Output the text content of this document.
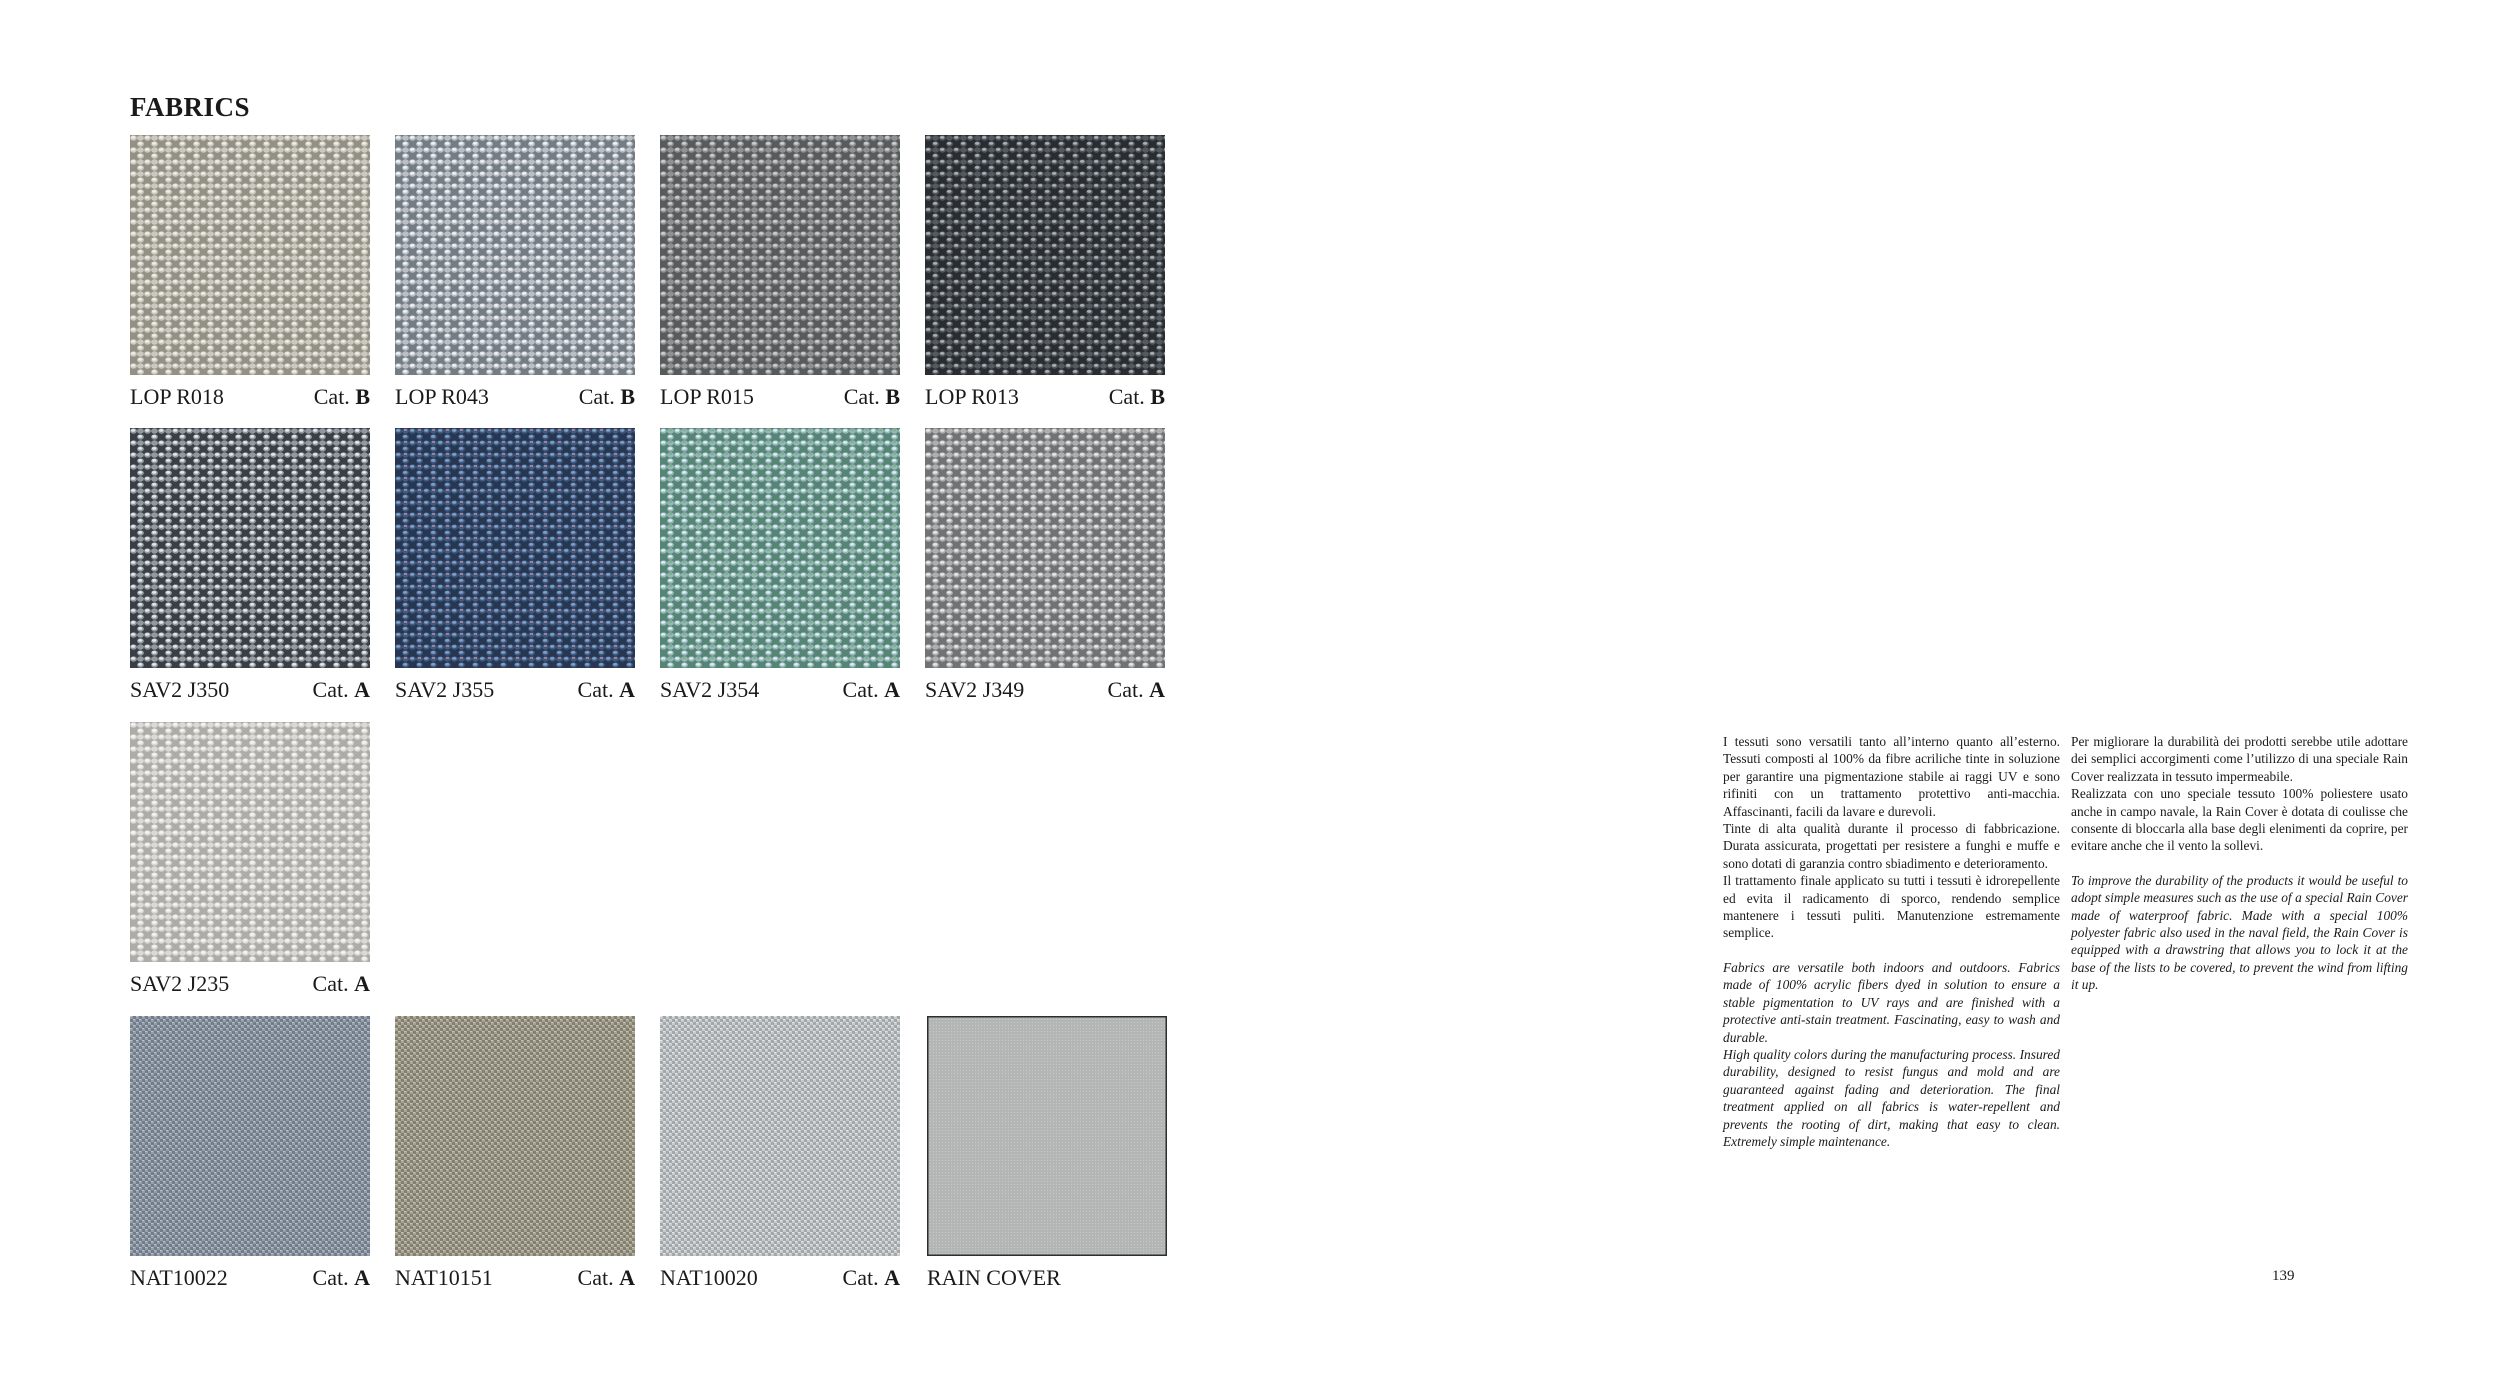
FABRICS
LOP R018	Cat. B LOP R043	Cat. B LOP R015	Cat. B LOP R013	Cat. B
SAV2 J350	Cat. A SAV2 J355	Cat. A SAV2 J354	Cat. A SAV2 J349	Cat. A
SAV2 J235	Cat. A
NAT10022	Cat. A NAT10151	Cat. A NAT10020	Cat. A RAIN COVER
I tessuti sono versatili tanto all’interno quanto all’esterno. Tessuti composti al 100% da fibre acriliche tinte in soluzione per garantire una pigmentazione stabile ai raggi UV e sono rifiniti con un trattamento protettivo anti-macchia. Affascinanti, facili da lavare e durevoli.
Tinte di alta qualità durante il processo di fabbricazione. Durata assicurata, progettati per resistere a funghi e muffe e sono dotati di garanzia contro sbiadimento e deterioramento.
Il trattamento finale applicato su tutti i tessuti è idrorepellente ed evita il radicamento di sporco, rendendo semplice mantenere i tessuti puliti. Manutenzione estremamente semplice.
Fabrics are versatile both indoors and outdoors. Fabrics made of 100% acrylic fibers dyed in solution to ensure a stable pigmentation to UV rays and are finished with a protective anti-stain treatment. Fascinating, easy to wash and durable.
High quality colors during the manufacturing process. Insured durability, designed to resist fungus and mold and are guaranteed against fading and deterioration. The final treatment applied on all fabrics is water-repellent and prevents the rooting of dirt, making that easy to clean. Extremely simple maintenance.
Per migliorare la durabilità dei prodotti serebbe utile adottare dei semplici accorgimenti come l’utilizzo di una speciale Rain Cover realizzata in tessuto impermeabile.
Realizzata con uno speciale tessuto 100% poliestere usato anche in campo navale, la Rain Cover è dotata di coulisse che consente di bloccarla alla base degli elenimenti da coprire, per evitare anche che il vento la sollevi.
To improve the durability of the products it would be useful to adopt simple measures such as the use of a special Rain Cover made of waterproof fabric. Made with a special 100% polyester fabric also used in the naval field, the Rain Cover is equipped with a drawstring that allows you to lock it at the base of the lists to be covered, to prevent the wind from lifting it up.
139
